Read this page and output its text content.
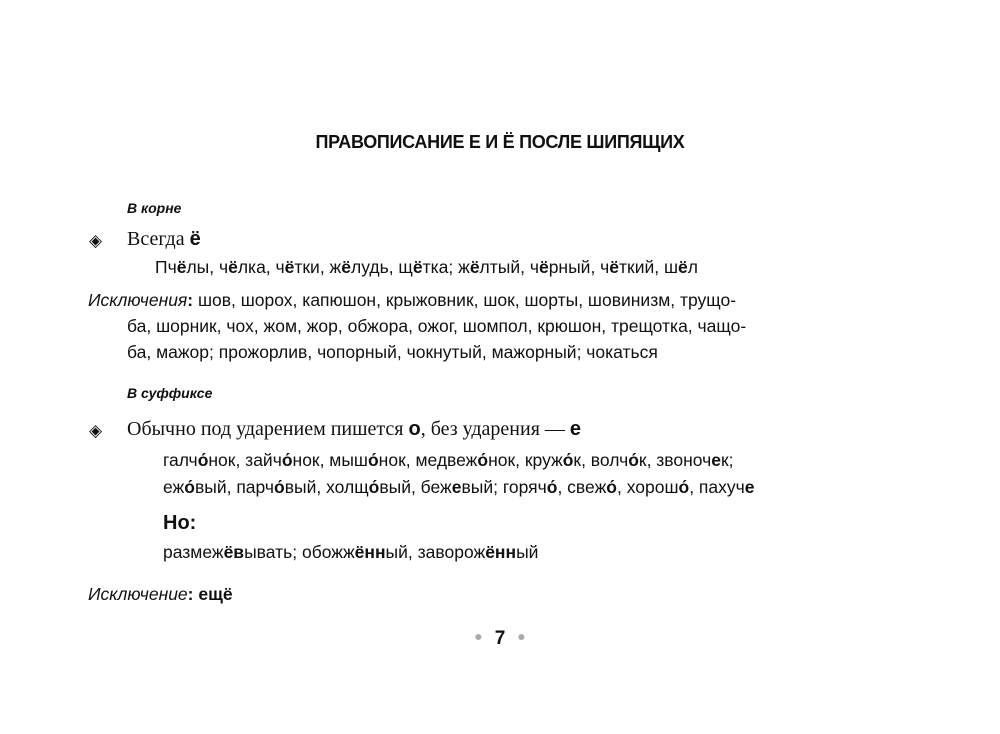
ПРАВОПИСАНИЕ Е И Ё ПОСЛЕ ШИПЯЩИХ
В корне
◈ Всегда ё
Пчёлы, чёлка, чётки, жёлудь, щётка; жёлтый, чёрный, чёткий, шёл
Исключения: шов, шорох, капюшон, крыжовник, шок, шорты, шовинизм, трущо-
ба, шорник, чох, жом, жор, обжора, ожог, шомпол, крюшон, трещотка, чащо-
ба, мажор; прожорлив, чопорный, чокнутый, мажорный; чокаться
В суффиксе
◈ Обычно под ударением пишется о, без ударения — е
галчо́нок, зайчо́нок, мышо́нок, медвежо́нок, кружо́к, волчо́к, звоночек;
ежо́вый, парчо́вый, холщо́вый, бежевый; горячо́, свежо́, хорошо́, пахуче
Но:
размежёвывать; обожжённый, заворожённый
Исключение: ещё
● 7 ●
